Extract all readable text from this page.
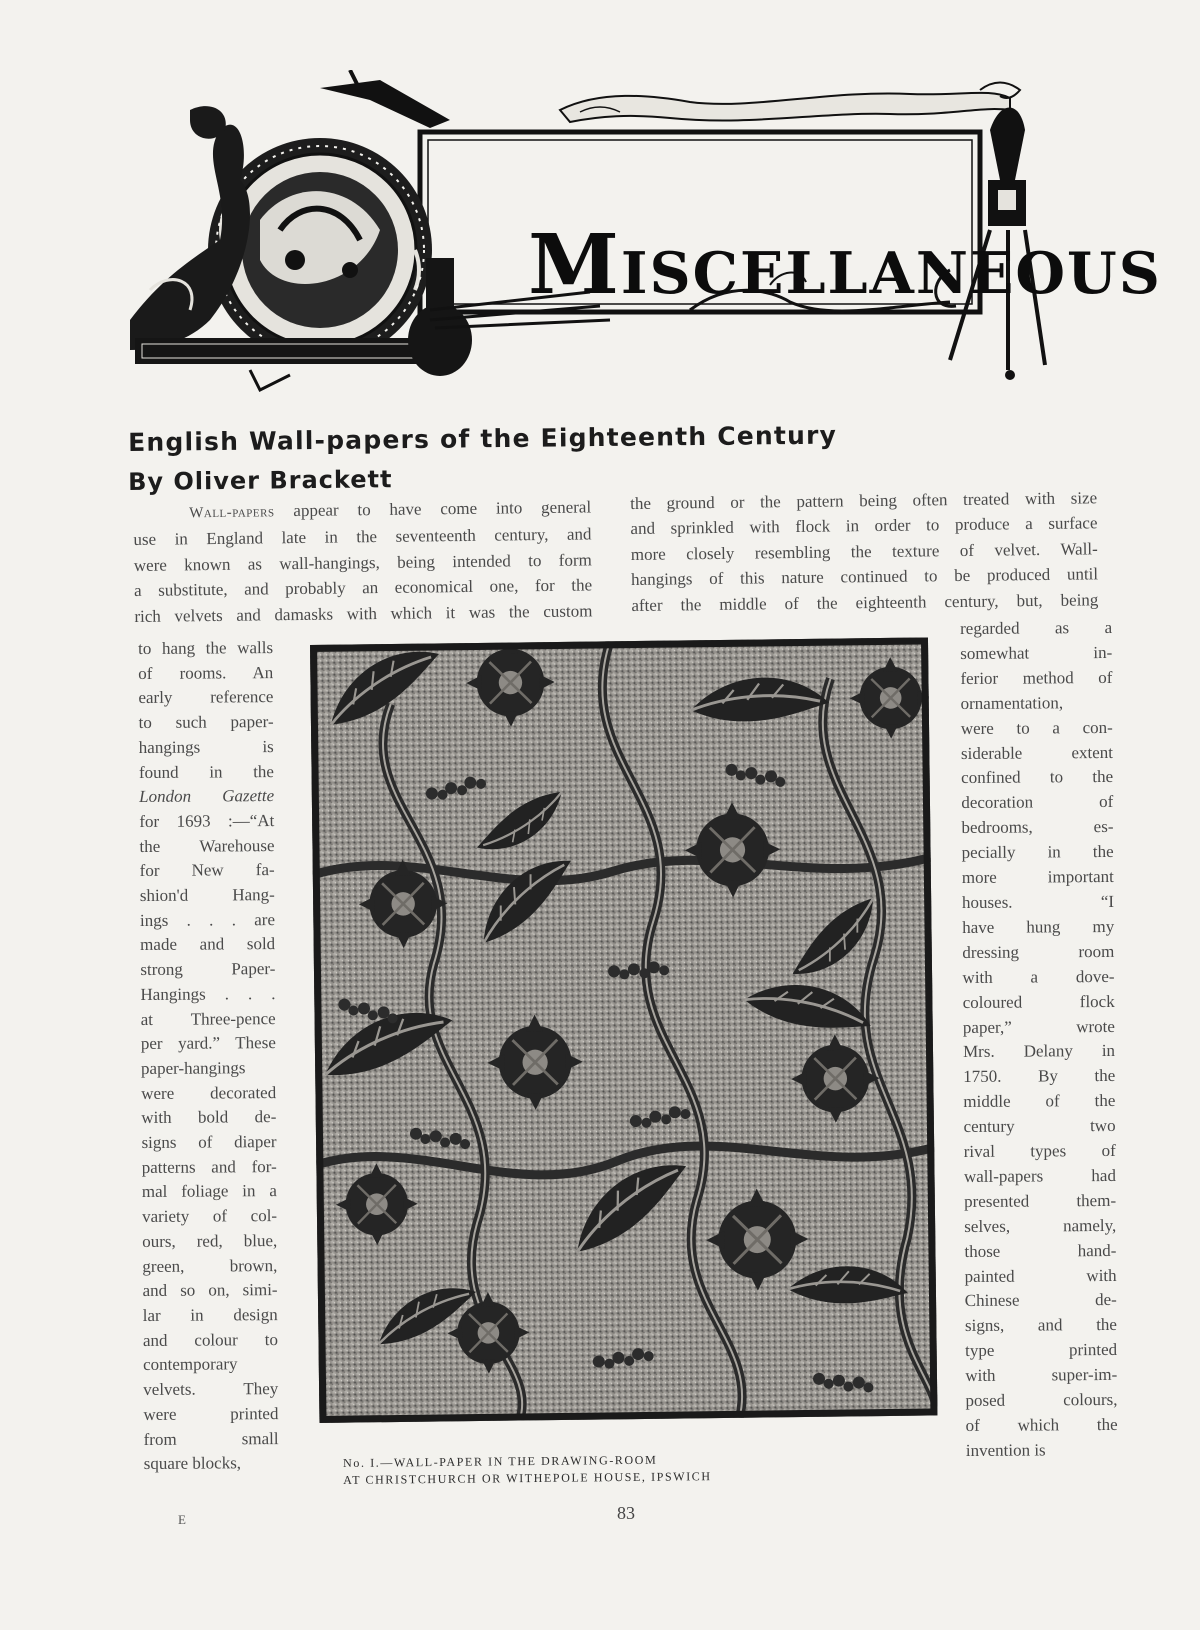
Miscellaneous
English Wall-papers of the Eighteenth Century
By Oliver Brackett
Wall-papers appear to have come into general
use in England late in the seventeenth century, and
were known as wall-hangings, being intended to form
a substitute, and probably an economical one, for the
rich velvets and damasks with which it was the custom
the ground or the pattern being often treated with size
and sprinkled with flock in order to produce a surface
more closely resembling the texture of velvet. Wall-
hangings of this nature continued to be produced until
after the middle of the eighteenth century, but, being
to hang the walls
of rooms. An
early reference
to such paper-
hangings is
found in the
London Gazette
for 1693 :—“At
the Warehouse
for New fa-
shion'd Hang-
ings . . . are
made and sold
strong Paper-
Hangings . . .
at Three-pence
per yard.” These
paper-hangings
were decorated
with bold de-
signs of diaper
patterns and for-
mal foliage in a
variety of col-
ours, red, blue,
green, brown,
and so on, simi-
lar in design
and colour to
contemporary
velvets. They
were printed
from small
square blocks,
regarded as a
somewhat in-
ferior method of
ornamentation,
were to a con-
siderable extent
confined to the
decoration of
bedrooms, es-
pecially in the
more important
houses. “I
have hung my
dressing room
with a dove-
coloured flock
paper,” wrote
Mrs. Delany in
1750. By the
middle of the
century two
rival types of
wall-papers had
presented them-
selves, namely,
those hand-
painted with
Chinese de-
signs, and the
type printed
with super-im-
posed colours,
of which the
invention is
No. I.—WALL-PAPER IN THE DRAWING-ROOM
AT CHRISTCHURCH OR WITHEPOLE HOUSE, IPSWICH
E	83
